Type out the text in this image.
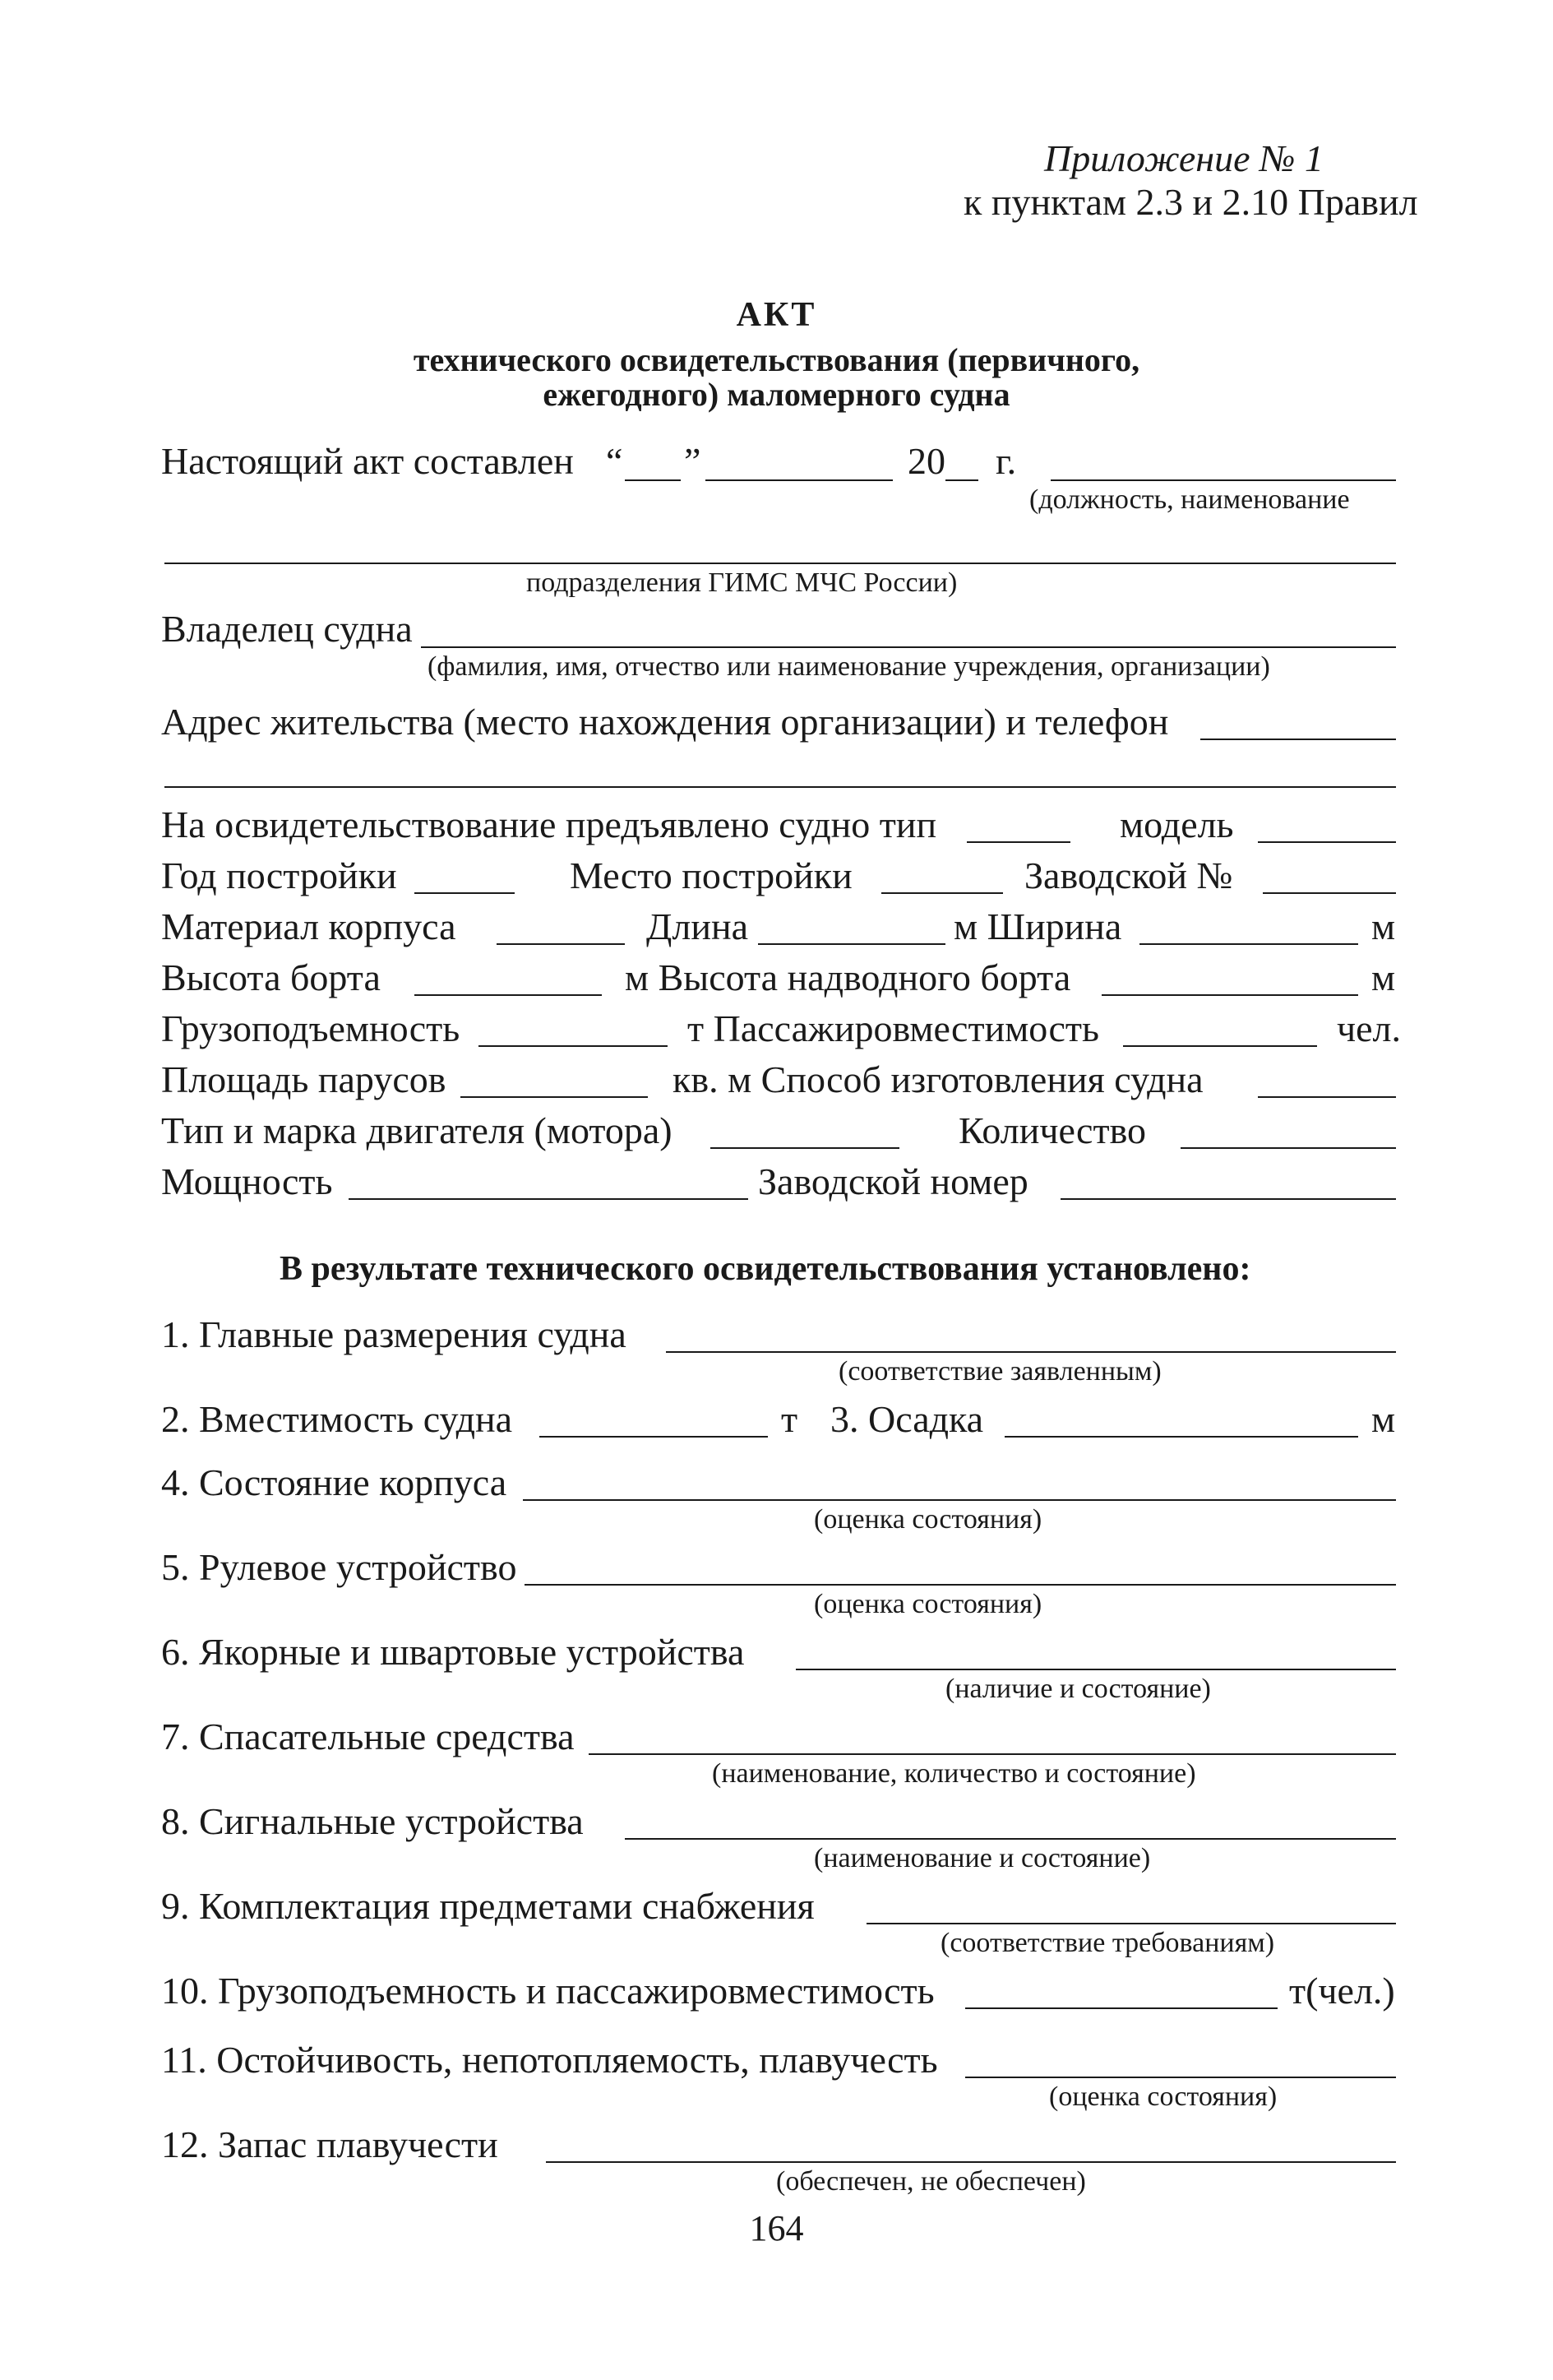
Приложение № 1
к пунктам 2.3 и 2.10 Правил
АКТ
технического освидетельствования (первичного,
ежегодного) маломерного судна
Настоящий акт составлен “ ”	20 г.
(должность, наименование
подразделения ГИМС МЧС России)
Владелец судна
(фамилия, имя, отчество или наименование учреждения, организации)
Адрес жительства (место нахождения организации) и телефон
На освидетельствование предъявлено судно тип	модель
Год постройки	Место постройки	Заводской №
Материал корпуса	Длина	м Ширина	м
Высота борта	м Высота надводного борта	м
Грузоподъемность	т Пассажировместимость	чел.
Площадь парусов	кв. м Способ изготовления судна
Тип и марка двигателя (мотора)	Количество
Мощность	Заводской номер
В результате технического освидетельствования установлено:
1. Главные размерения судна
(соответствие заявленным)
2. Вместимость судна	т 3. Осадка	м
4. Состояние корпуса
(оценка состояния)
5. Рулевое устройство
(оценка состояния)
6. Якорные и швартовые устройства
(наличие и состояние)
7. Спасательные средства
(наименование, количество и состояние)
8. Сигнальные устройства
(наименование и состояние)
9. Комплектация предметами снабжения
(соответствие требованиям)
10. Грузоподъемность и пассажировместимость	т(чел.)
11. Остойчивость, непотопляемость, плавучесть
(оценка состояния)
12. Запас плавучести
(обеспечен, не обеспечен)
164
